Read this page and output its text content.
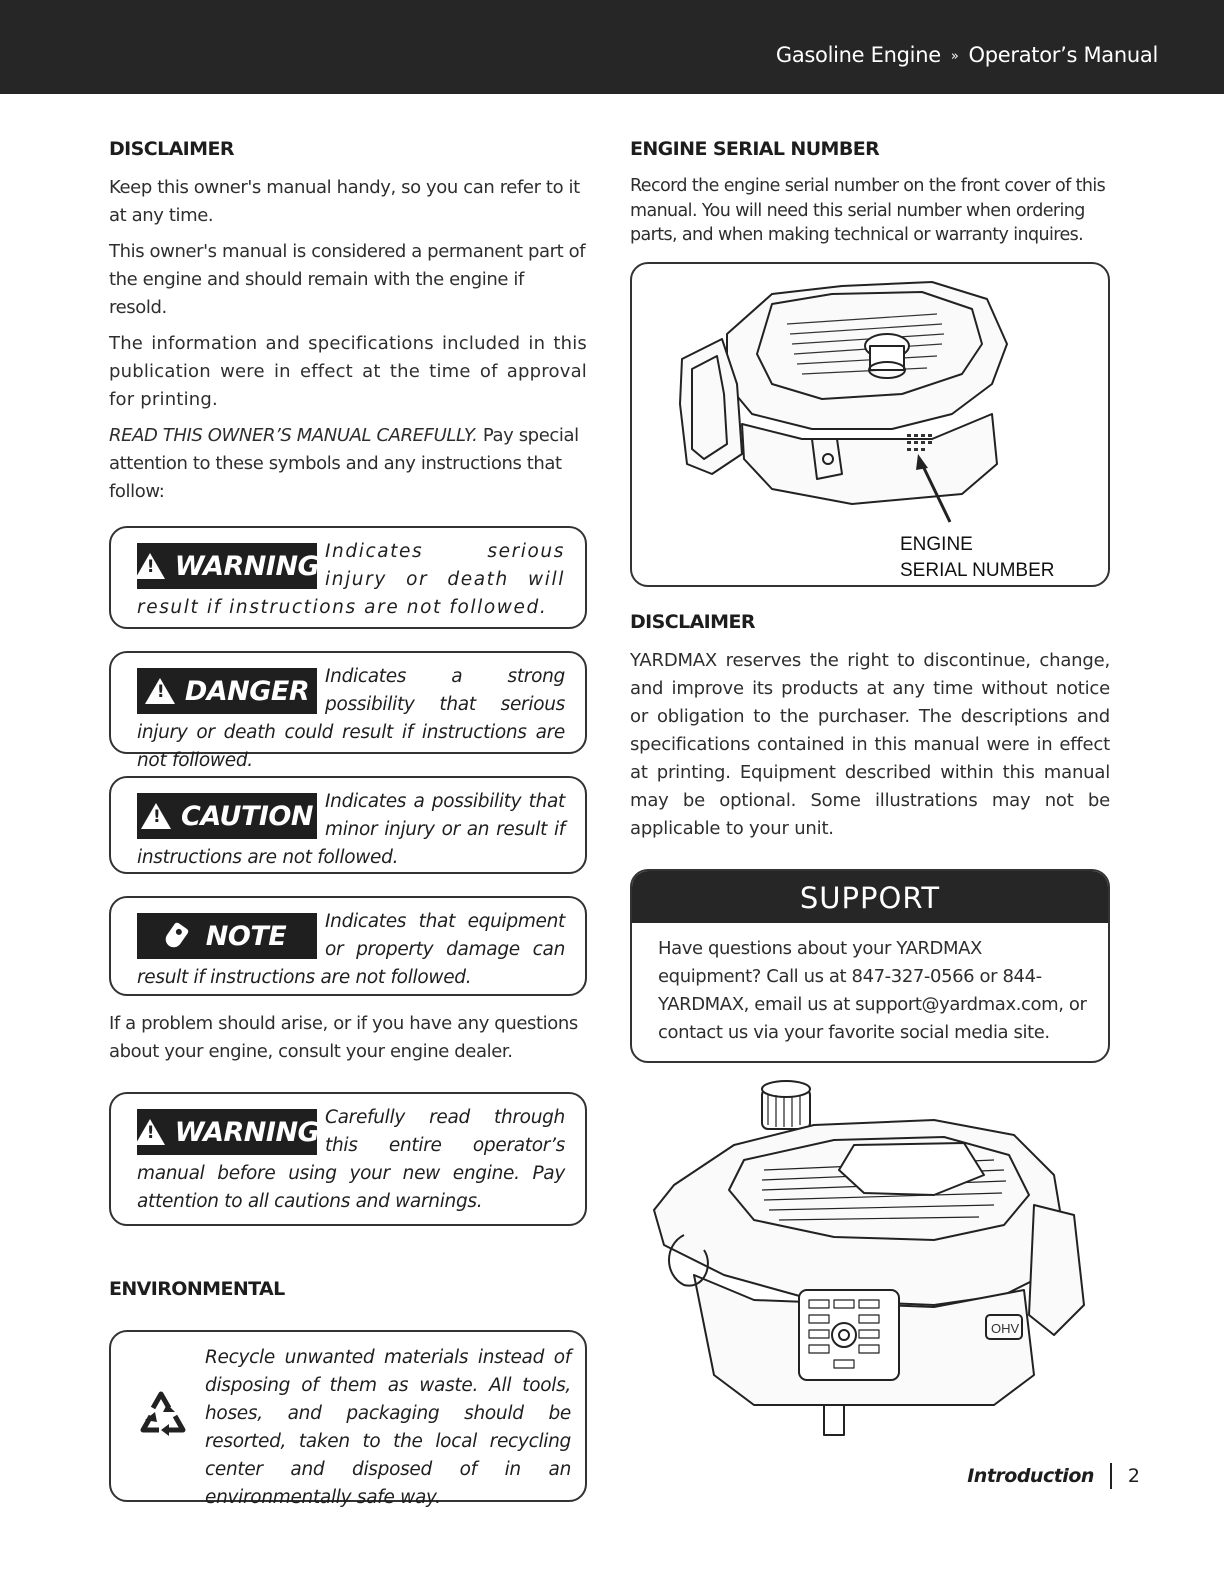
Gasoline Engine » Operator’s Manual
DISCLAIMER

Keep this owner's manual handy, so you can refer to it at any time.

This owner's manual is considered a permanent part of the engine and should remain with the engine if resold.

The information and specifications included in this publication were in effect at the time of approval for printing.

READ THIS OWNER’S MANUAL CAREFULLY. Pay special attention to these symbols and any instructions that follow:

!
WARNING Indicates serious injury or death will result if instructions are not followed.
!
DANGER Indicates a strong possibility that serious injury or death could result if instructions are not followed.
!
CAUTION Indicates a possibility that minor injury or an result if instructions are not followed.
NOTE	Indicates that equipment or property damage can result if instructions are not followed.

If a problem should arise, or if you have any questions about your engine, consult your engine dealer.

!
WARNING Carefully read through this entire operator’s manual before using your new engine. Pay attention to all cautions and warnings.
ENVIRONMENTAL
Recycle unwanted materials instead of disposing of them as waste. All tools, hoses, and packaging should be resorted, taken to the local recycling center and disposed of in an environmentally safe way.
ENGINE SERIAL NUMBER

Record the engine serial number on the front cover of this manual. You will need this serial number when ordering parts, and when making technical or warranty inquires.

ENGINE
SERIAL NUMBER
DISCLAIMER

YARDMAX reserves the right to discontinue, change, and improve its products at any time without notice or obligation to the purchaser. The descriptions and specifications contained in this manual were in effect at printing. Equipment described within this manual may be optional. Some illustrations may not be applicable to your unit.

SUPPORT
Have questions about your YARDMAX equipment? Call us at 847-327-0566 or 844-YARDMAX, email us at support@yardmax.com, or contact us via your favorite social media site.
OHV
Introduction 2
